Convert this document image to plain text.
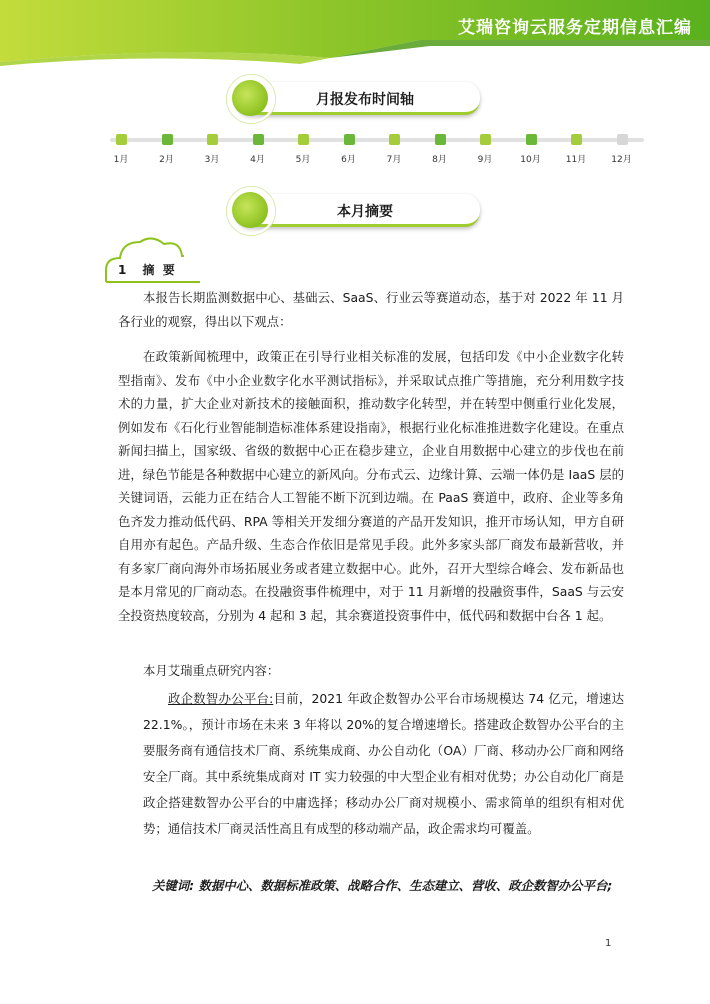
艾瑞咨询云服务定期信息汇编
月报发布时间轴
1月	2月	3月	4月	5月	6月	7月	8月	9月	10月	11月	12月
本月摘要
1 摘 要

本报告长期监测数据中心、基础云、SaaS、行业云等赛道动态，基于对 2022 年 11 月各行业的观察，得出以下观点：

在政策新闻梳理中，政策正在引导行业相关标准的发展，包括印发《中小企业数字化转型指南》、发布《中小企业数字化水平测试指标》，并采取试点推广等措施，充分利用数字技术的力量，扩大企业对新技术的接触面积，推动数字化转型，并在转型中侧重行业化发展，例如发布《石化行业智能制造标准体系建设指南》，根据行业化标准推进数字化建设。在重点新闻扫描上，国家级、省级的数据中心正在稳步建立，企业自用数据中心建立的步伐也在前进，绿色节能是各种数据中心建立的新风向。分布式云、边缘计算、云端一体仍是 IaaS 层的关键词语，云能力正在结合人工智能不断下沉到边端。在 PaaS 赛道中，政府、企业等多角色齐发力推动低代码、RPA 等相关开发细分赛道的产品开发知识，推开市场认知，甲方自研自用亦有起色。产品升级、生态合作依旧是常见手段。此外多家头部厂商发布最新营收，并有多家厂商向海外市场拓展业务或者建立数据中心。此外，召开大型综合峰会、发布新品也是本月常见的厂商动态。在投融资事件梳理中，对于 11 月新增的投融资事件，SaaS 与云安全投资热度较高，分别为 4 起和 3 起，其余赛道投资事件中，低代码和数据中台各 1 起。

本月艾瑞重点研究内容：

政企数智办公平台:目前，2021 年政企数智办公平台市场规模达 74 亿元，增速达 22.1%。，预计市场在未来 3 年将以 20%的复合增速增长。搭建政企数智办公平台的主要服务商有通信技术厂商、系统集成商、办公自动化（OA）厂商、移动办公厂商和网络安全厂商。其中系统集成商对 IT 实力较强的中大型企业有相对优势；办公自动化厂商是政企搭建数智办公平台的中庸选择；移动办公厂商对规模小、需求简单的组织有相对优势；通信技术厂商灵活性高且有成型的移动端产品，政企需求均可覆盖。

关键词: 数据中心、数据标准政策、战略合作、生态建立、营收、政企数智办公平台;
1
